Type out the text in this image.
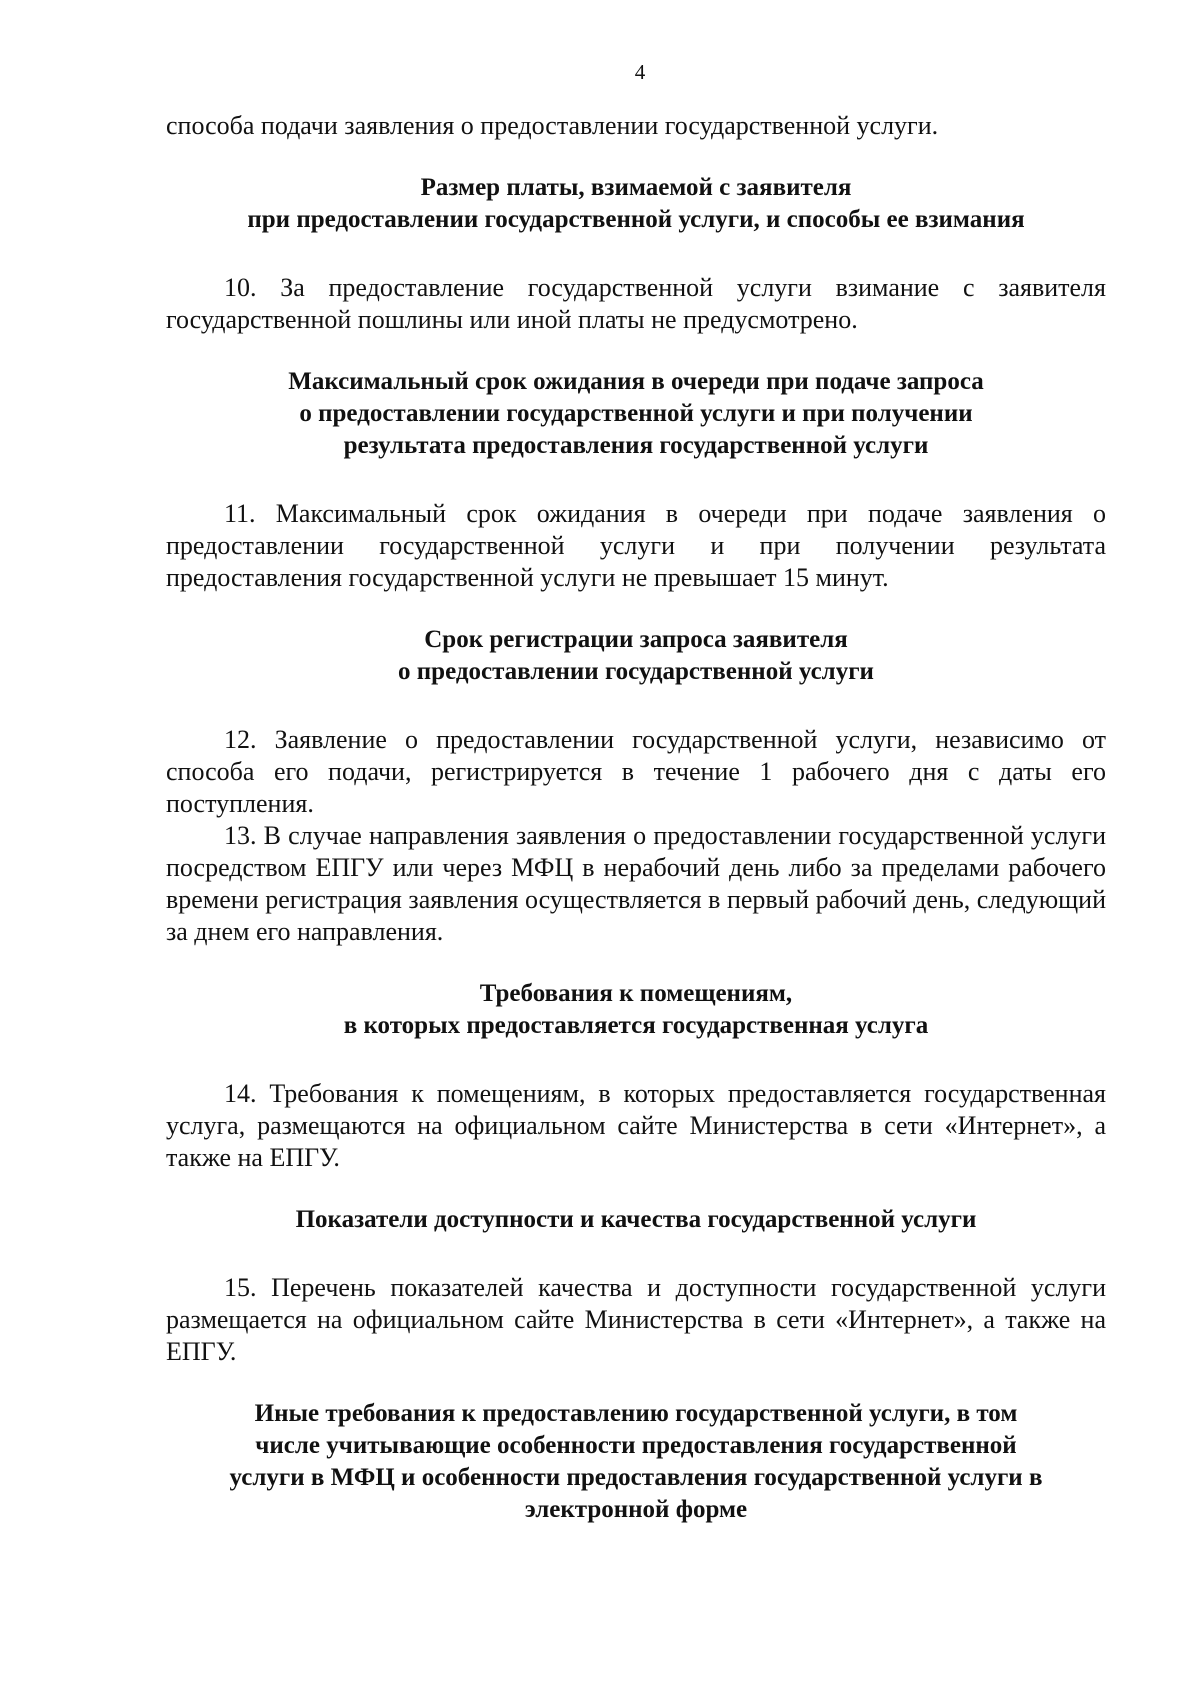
4

способа подачи заявления о предоставлении государственной услуги.

Размер платы, взимаемой с заявителя
при предоставлении государственной услуги, и способы ее взимания

10. За предоставление государственной услуги взимание с заявителя государственной пошлины или иной платы не предусмотрено.

Максимальный срок ожидания в очереди при подаче запроса
о предоставлении государственной услуги и при получении
результата предоставления государственной услуги

11. Максимальный срок ожидания в очереди при подаче заявления о предоставлении государственной услуги и при получении результата предоставления государственной услуги не превышает 15 минут.

Срок регистрации запроса заявителя
о предоставлении государственной услуги

12. Заявление о предоставлении государственной услуги, независимо от способа его подачи, регистрируется в течение 1 рабочего дня с даты его поступления.

13. В случае направления заявления о предоставлении государственной услуги посредством ЕПГУ или через МФЦ в нерабочий день либо за пределами рабочего времени регистрация заявления осуществляется в первый рабочий день, следующий за днем его направления.

Требования к помещениям,
в которых предоставляется государственная услуга

14. Требования к помещениям, в которых предоставляется государственная услуга, размещаются на официальном сайте Министерства в сети «Интернет», а также на ЕПГУ.

Показатели доступности и качества государственной услуги

15. Перечень показателей качества и доступности государственной услуги размещается на официальном сайте Министерства в сети «Интернет», а также на ЕПГУ.

Иные требования к предоставлению государственной услуги, в том
числе учитывающие особенности предоставления государственной
услуги в МФЦ и особенности предоставления государственной услуги в
электронной форме
